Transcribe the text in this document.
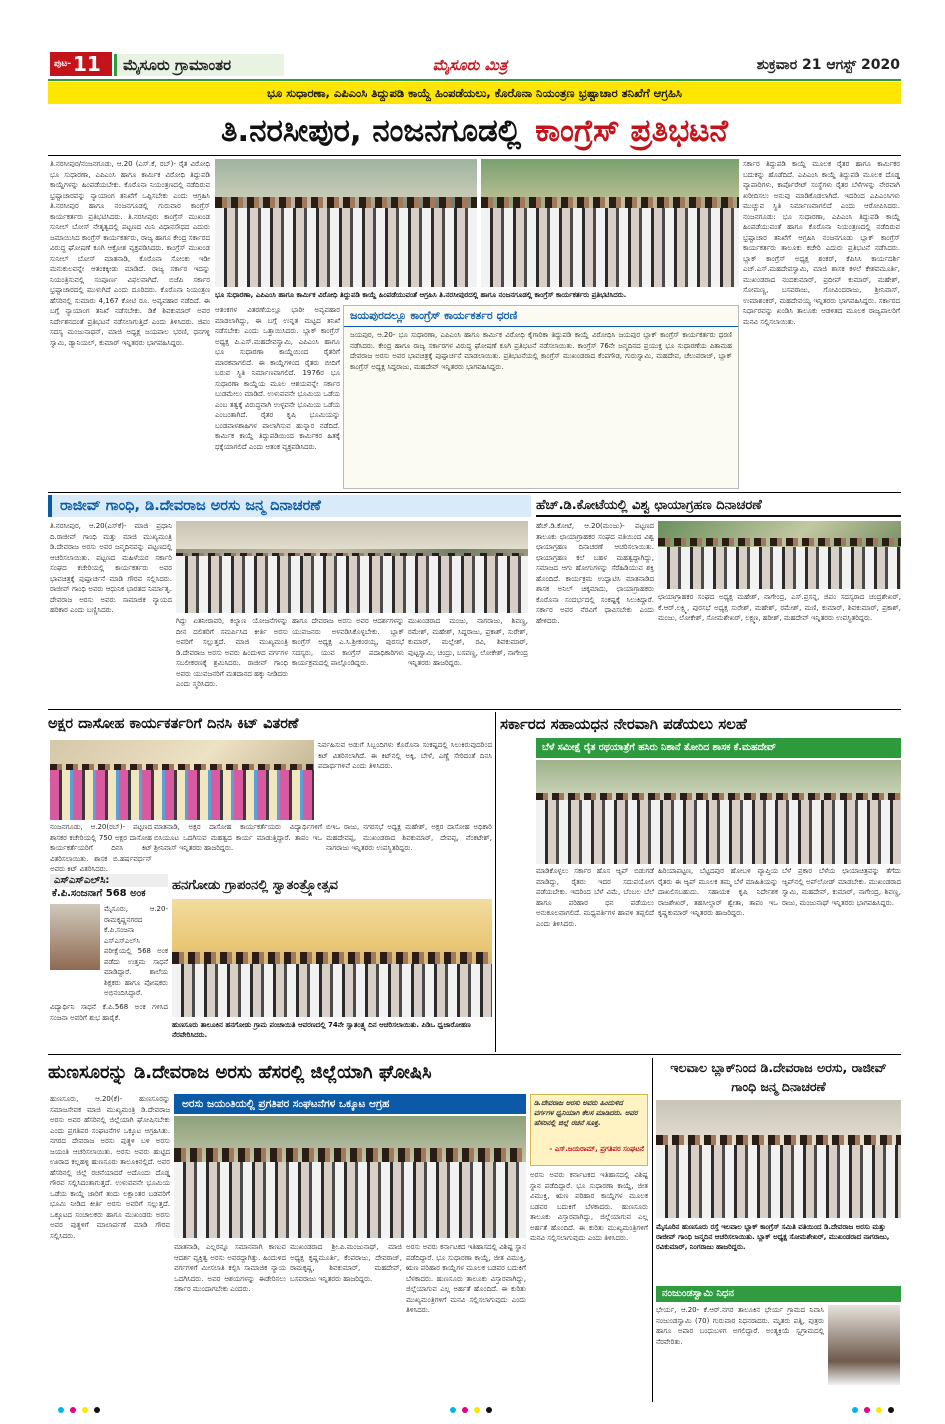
ಪುಟ- 11	ಮೈಸೂರು ಗ್ರಾಮಾಂತರ	ಮೈಸೂರು ಮಿತ್ರ	ಶುಕ್ರವಾರ 21 ಆಗಸ್ಟ್ 2020
ಭೂ ಸುಧಾರಣಾ, ಎಪಿಎಂಸಿ ತಿದ್ದುಪಡಿ ಕಾಯ್ದೆ ಹಿಂಪಡೆಯಲು, ಕೊರೊನಾ ನಿಯಂತ್ರಣ ಭ್ರಷ್ಟಾಚಾರ ತನಿಖೆಗೆ ಆಗ್ರಹಿಸಿ
ತಿ.ನರಸೀಪುರ, ನಂಜನಗೂಡಲ್ಲಿ ಕಾಂಗ್ರೆಸ್ ಪ್ರತಿಭಟನೆ
ತಿ.ನರಸೀಪುರ/ನಂಜನಗೂಡು, ಆ.20 (ಎಸ್.ಕೆ, ರಬ್)- ರೈತ ವಿರೋಧಿ ಭೂ ಸುಧಾರಣಾ, ಎಪಿಎಂಸಿ ಹಾಗೂ ಕಾರ್ಮಿಕ ವಿರೋಧಿ ತಿದ್ದುಪಡಿ ಕಾಯ್ದೆಗಳನ್ನು ಹಿಂಪಡೆಯಬೇಕು. ಕೊರೊನಾ ನಿಯಂತ್ರಣದಲ್ಲಿ ನಡೆದಿರುವ ಭ್ರಷ್ಟಾಚಾರವನ್ನು ನ್ಯಾಯಾಂಗ ತನಿಖೆಗೆ ಒಪ್ಪಿಸಬೇಕು ಎಂದು ಆಗ್ರಹಿಸಿ ತಿ.ನರಸೀಪುರ ಹಾಗೂ ನಂಜನಗೂಡಲ್ಲಿ ಗುರುವಾರ ಕಾಂಗ್ರೆಸ್ ಕಾರ್ಯಕರ್ತರು ಪ್ರತಿಭಟಿಸಿದರು. ತಿ.ನರಸೀಪುರ: ಕಾಂಗ್ರೆಸ್ ಮುಖಂಡ ಸುನೀಲ್ ಬೋಸ್ ನೇತೃತ್ವದಲ್ಲಿ ಪಟ್ಟಣದ ಮಿನಿ ವಿಧಾನಸೌಧದ ಎದುರು ಜಮಾಯಿಸಿದ ಕಾಂಗ್ರೆಸ್ ಕಾರ್ಯಕರ್ತರು, ರಾಜ್ಯ ಹಾಗೂ ಕೇಂದ್ರ ಸರ್ಕಾರದ ವಿರುದ್ಧ ಘೋಷಣೆ ಕೂಗಿ ಆಕ್ರೋಶ ವ್ಯಕ್ತಪಡಿಸಿದರು. ಕಾಂಗ್ರೆಸ್ ಮುಖಂಡ ಸುನೀಲ್ ಬೋಸ್ ಮಾತನಾಡಿ, ಕೊರೊನಾ ಸೋಂಕು ಇಡೀ ಮನುಕುಲವನ್ನೇ ಆತಂಕಕ್ಕೀಡು ಮಾಡಿದೆ. ರಾಜ್ಯ ಸರ್ಕಾರ ಇದನ್ನು ನಿಯಂತ್ರಿಸುವಲ್ಲಿ ಸಂಪೂರ್ಣ ವಿಫಲವಾಗಿದೆ. ಬಿಜೆಪಿ ಸರ್ಕಾರ ಭ್ರಷ್ಟಾಚಾರದಲ್ಲಿ ಮುಳುಗಿದೆ ಎಂದು ದೂರಿದರು. ಕೊರೊನಾ ನಿಯಂತ್ರಣ ಹೆಸರಿನಲ್ಲಿ ಸುಮಾರು 4,167 ಕೋಟಿ ರೂ. ಅವ್ಯವಹಾರ ನಡೆದಿದೆ. ಈ ಬಗ್ಗೆ ನ್ಯಾಯಾಂಗ ತನಿಖೆ ನಡೆಸಬೇಕು. ಡಿಕೆ ಶಿವಕುಮಾರ್ ಅವರ ನಿರ್ದೇಶನದಂತೆ ಪ್ರತಿಭಟನೆ ನಡೆಸಲಾಗುತ್ತಿದೆ ಎಂದು ತಿಳಿಸಿದರು. ಜಿಪಂ ಸದಸ್ಯ ಮಂಜುನಾಥನ್, ಮಾಜಿ ಅಧ್ಯಕ್ಷ ಜಯಪಾಲ ಭರಣಿ, ಧನಗಳ್ಳಿ ಸ್ವಾಮಿ, ಡ್ಯಾನಿಯಲ್, ಕುಮಾರ್ ಇನ್ನಿತರರು ಭಾಗವಹಿಸಿದ್ದರು.
ಭೂ ಸುಧಾರಣಾ, ಎಪಿಎಂಸಿ ಹಾಗೂ ಕಾರ್ಮಿಕ ವಿರೋಧಿ ತಿದ್ದುಪಡಿ ಕಾಯ್ದೆ ಹಿಂಪಡೆಯುವಂತೆ ಆಗ್ರಹಿಸಿ ತಿ.ನರಸೀಪುರದಲ್ಲಿ ಹಾಗೂ ನಂಜನಗೂಡಲ್ಲಿ ಕಾಂಗ್ರೆಸ್ ಕಾರ್ಯಕರ್ತರು ಪ್ರತಿಭಟಿಸಿದರು.
ಆತಂಕಗಳ ವಿತರಣೆಯಲ್ಲೂ ಭಾರೀ ಅವ್ಯವಹಾರ ಮಾಡಲಾಗಿದ್ದು, ಈ ಬಗ್ಗೆ ಉನ್ನತ ಮಟ್ಟದ ತನಿಖೆ ನಡೆಸಬೇಕು ಎಂದು ಒತ್ತಾಯಿಸಿದರು. ಬ್ಲಾಕ್ ಕಾಂಗ್ರೆಸ್ ಅಧ್ಯಕ್ಷ ಪಿ.ಎಸ್.ಮಹದೇವಸ್ವಾಮಿ, ಎಪಿಎಂಸಿ ಹಾಗೂ ಭೂ ಸುಧಾರಣಾ ಕಾಯ್ದೆಯಿಂದ ರೈತರಿಗೆ ಮಾರಕವಾಗಲಿದೆ. ಈ ಕಾಯ್ದೆಗಳಿಂದ ರೈತರು ಬೀದಿಗೆ ಬರುವ ಸ್ಥಿತಿ ನಿರ್ಮಾಣವಾಗಲಿದೆ. 1976ರ ಭೂ ಸುಧಾರಣಾ ಕಾಯ್ದೆಯ ಮೂಲ ಆಶಯವನ್ನೇ ಸರ್ಕಾರ ಬುಡಮೇಲು ಮಾಡಿದೆ. ಉಳುವವನೇ ಭೂಮಿಯ ಒಡೆಯ ಎಂಬ ತತ್ವಕ್ಕೆ ವಿರುದ್ಧವಾಗಿ ಉಳ್ಳವನೇ ಭೂಮಿಯ ಒಡೆಯ ಎಂಬಂತಾಗಿದೆ. ರೈತರ ಕೃಷಿ ಭೂಮಿಯನ್ನು ಬಂಡವಾಳಶಾಹಿಗಳ ಪಾಲಾಗಿಸುವ ಹುನ್ನಾರ ನಡೆದಿದೆ. ಕಾರ್ಮಿಕ ಕಾಯ್ದೆ ತಿದ್ದುಪಡಿಯಿಂದ ಕಾರ್ಮಿಕರ ಹಿತಕ್ಕೆ ಧಕ್ಕೆಯಾಗಲಿದೆ ಎಂದು ಆತಂಕ ವ್ಯಕ್ತಪಡಿಸಿದರು.
ಜಯಪುರದಲ್ಲೂ ಕಾಂಗ್ರೆಸ್ ಕಾರ್ಯಕರ್ತರ ಧರಣಿ
ಜಯಪುರ, ಆ.20- ಭೂ ಸುಧಾರಣಾ, ಎಪಿಎಂಸಿ ಹಾಗೂ ಕಾರ್ಮಿಕ ವಿರೋಧಿ ಕೈಗಾರಿಕಾ ತಿದ್ದುಪಡಿ ಕಾಯ್ದೆ ವಿರೋಧಿಸಿ ಜಯಪುರ ಬ್ಲಾಕ್ ಕಾಂಗ್ರೆಸ್ ಕಾರ್ಯಕರ್ತರು ಧರಣಿ ನಡೆಸಿದರು. ಕೇಂದ್ರ ಹಾಗೂ ರಾಜ್ಯ ಸರ್ಕಾರಗಳ ವಿರುದ್ಧ ಘೋಷಣೆ ಕೂಗಿ ಪ್ರತಿಭಟನೆ ನಡೆಸಲಾಯಿತು. ಕಾಂಗ್ರೆಸ್ 76ನೇ ಜನ್ಮದಿನದ ಪ್ರಯುಕ್ತ ಭೂ ಸುಧಾರಣೆಯ ಪಿತಾಮಹ ದೇವರಾಜ ಅರಸು ಅವರ ಭಾವಚಿತ್ರಕ್ಕೆ ಪುಷ್ಪಾರ್ಚನೆ ಮಾಡಲಾಯಿತು. ಪ್ರತಿಭಟನೆಯಲ್ಲಿ ಕಾಂಗ್ರೆಸ್ ಮುಖಂಡರಾದ ಕೆಂಪಗೌಡ, ಗುರುಸ್ವಾಮಿ, ಮಹದೇವ, ಚೆಲುವರಾಜ್, ಬ್ಲಾಕ್ ಕಾಂಗ್ರೆಸ್ ಅಧ್ಯಕ್ಷ ಸಿದ್ದರಾಜು, ಮಹದೇವ್ ಇನ್ನಿತರರು ಭಾಗವಹಿಸಿದ್ದರು.
ಸರ್ಕಾರ ತಿದ್ದುಪಡಿ ಕಾಯ್ದೆ ಮೂಲಕ ರೈತರ ಹಾಗೂ ಕಾರ್ಮಿಕರ ಬದುಕನ್ನು ಹೊಡೆದಿದೆ. ಎಪಿಎಂಸಿ ಕಾಯ್ದೆ ತಿದ್ದುಪಡಿ ಮೂಲಕ ದೊಡ್ಡ ವ್ಯಾಪಾರಿಗಳು, ಕಾರ್ಪೊರೇಟ್ ಸಂಸ್ಥೆಗಳು ರೈತರ ಬೆಳೆಗಳನ್ನು ನೇರವಾಗಿ ಖರೀದಿಸಲು ಅನುವು ಮಾಡಿಕೊಡಲಾಗಿದೆ. ಇದರಿಂದ ಎಪಿಎಂಸಿಗಳು ಮುಚ್ಚುವ ಸ್ಥಿತಿ ನಿರ್ಮಾಣವಾಗಲಿದೆ ಎಂದು ಆರೋಪಿಸಿದರು. ನಂಜನಗೂಡು: ಭೂ ಸುಧಾರಣಾ, ಎಪಿಎಂಸಿ ತಿದ್ದುಪಡಿ ಕಾಯ್ದೆ ಹಿಂಪಡೆಯುವಂತೆ ಹಾಗೂ ಕೊರೊನಾ ನಿಯಂತ್ರಣದಲ್ಲಿ ನಡೆದಿರುವ ಭ್ರಷ್ಟಾಚಾರ ತನಿಖೆಗೆ ಆಗ್ರಹಿಸಿ ನಂಜನಗೂಡು ಬ್ಲಾಕ್ ಕಾಂಗ್ರೆಸ್ ಕಾರ್ಯಕರ್ತರು ತಾಲೂಕು ಕಚೇರಿ ಎದುರು ಪ್ರತಿಭಟನೆ ನಡೆಸಿದರು. ಬ್ಲಾಕ್ ಕಾಂಗ್ರೆಸ್ ಅಧ್ಯಕ್ಷ ಶಂಕರ್, ಕೆಪಿಸಿಸಿ ಕಾರ್ಯದರ್ಶಿ ಎಚ್.ಎಸ್.ಮಹದೇವಸ್ವಾಮಿ, ಮಾಜಿ ಶಾಸಕ ಕಳಲೆ ಕೇಶವಮೂರ್ತಿ, ಮುಖಂಡರಾದ ನಂದಕುಮಾರ್, ಪ್ರದೀಪ್ ಕುಮಾರ್, ಮಹೇಶ್, ಸೋಮಣ್ಣ, ಬಸವರಾಜು, ಗೋವಿಂದರಾಜು, ಶ್ರೀನಿವಾಸ್, ಉಮಾಶಂಕರ್, ಮಹದೇವಯ್ಯ ಇನ್ನಿತರರು ಭಾಗವಹಿಸಿದ್ದರು. ಸರ್ಕಾರದ ನಿರ್ಧಾರವನ್ನು ಖಂಡಿಸಿ ತಾಲೂಕು ಆಡಳಿತದ ಮೂಲಕ ರಾಜ್ಯಪಾಲರಿಗೆ ಮನವಿ ಸಲ್ಲಿಸಲಾಯಿತು.
ರಾಜೀವ್ ಗಾಂಧಿ, ಡಿ.ದೇವರಾಜ ಅರಸು ಜನ್ಮ ದಿನಾಚರಣೆ
ತಿ.ನರಸೀಪುರ, ಆ.20(ಎಸ್‌ಕೆ)- ಮಾಜಿ ಪ್ರಧಾನಿ ದಿ.ರಾಜೀವ್ ಗಾಂಧಿ ಮತ್ತು ಮಾಜಿ ಮುಖ್ಯಮಂತ್ರಿ ಡಿ.ದೇವರಾಜ ಅರಸು ಅವರ ಜನ್ಮದಿನವನ್ನು ಪಟ್ಟಣದಲ್ಲಿ ಆಚರಿಸಲಾಯಿತು. ಪಟ್ಟಣದ ಮಹಿಳೆಯರ ಸರ್ಕಾರಿ ಸಂಘದ ಕಚೇರಿಯಲ್ಲಿ ಕಾರ್ಯಕರ್ತರು ಅವರ ಭಾವಚಿತ್ರಕ್ಕೆ ಪುಷ್ಪಾರ್ಚನೆ ಮಾಡಿ ಗೌರವ ಸಲ್ಲಿಸಿದರು. ರಾಜೀವ್ ಗಾಂಧಿ ಅವರು ಆಧುನಿಕ ಭಾರತದ ನಿರ್ಮಾತೃ. ದೇವರಾಜ ಅರಸು ಅವರು ಸಾಮಾಜಿಕ ನ್ಯಾಯದ ಹರಿಕಾರ ಎಂದು ಬಣ್ಣಿಸಿದರು.
ಗಿದ್ದು ಏತನೀರಾವರಿ, ಕಲ್ಯಾಣ ಯೋಜನೆಗಳನ್ನು ದೀನ ದಲಿತರಿಗೆ ಸಮರ್ಪಿಸಿದ ಕೀರ್ತಿ ಅರಸು ಅವರಿಗೆ ಸಲ್ಲುತ್ತದೆ. ಮಾಜಿ ಮುಖ್ಯಮಂತ್ರಿ ಡಿ.ದೇವರಾಜ ಅರಸು ಅವರು ಹಿಂದುಳಿದ ವರ್ಗಗಳ ಸಬಲೀಕರಣಕ್ಕೆ ಶ್ರಮಿಸಿದರು. ರಾಜೀವ್ ಗಾಂಧಿ ಅವರು ಯುವಜನರಿಗೆ ಮತದಾನದ ಹಕ್ಕು ನೀಡಿದರು ಎಂದು ಸ್ಮರಿಸಿದರು.
ಹಾಗೂ ದೇವರಾಜ ಅರಸು ಅವರ ಆದರ್ಶಗಳನ್ನು ಯುವಜನರು ಅಳವಡಿಸಿಕೊಳ್ಳಬೇಕು. ಬ್ಲಾಕ್ ಕಾಂಗ್ರೆಸ್ ಅಧ್ಯಕ್ಷ ಎ.ಸಿ.ಶ್ರೀಕಂಠಯ್ಯ, ಪುರಸಭೆ ಸದಸ್ಯರು, ಯುವ ಕಾಂಗ್ರೆಸ್ ಪದಾಧಿಕಾರಿಗಳು ಕಾರ್ಯಕ್ರಮದಲ್ಲಿ ಪಾಲ್ಗೊಂಡಿದ್ದರು.
ಮುಖಂಡರಾದ ಮಂಜು, ನಾಗರಾಜು, ಶಿವಣ್ಣ, ರಮೇಶ್, ಮಹೇಶ್, ಸಿದ್ದರಾಜು, ಪ್ರಕಾಶ್, ಸುರೇಶ್, ಕುಮಾರ್, ಮಲ್ಲೇಶ್, ರವಿ, ಶಿವಕುಮಾರ್, ಪುಟ್ಟಸ್ವಾಮಿ, ಚಂದ್ರು, ಬಸವಣ್ಣ, ಲೋಕೇಶ್, ನಾಗೇಂದ್ರ ಇನ್ನಿತರರು ಹಾಜರಿದ್ದರು.
ಹೆಚ್.ಡಿ.ಕೋಟೆಯಲ್ಲಿ ವಿಶ್ವ ಛಾಯಾಗ್ರಹಣ ದಿನಾಚರಣೆ
ಹೆಚ್.ಡಿ.ಕೋಟೆ, ಆ.20(ಮಂಜು)- ಪಟ್ಟಣದ ತಾಲೂಕು ಛಾಯಾಗ್ರಾಹಕರ ಸಂಘದ ವತಿಯಿಂದ ವಿಶ್ವ ಛಾಯಾಗ್ರಹಣ ದಿನಾಚರಣೆ ಆಚರಿಸಲಾಯಿತು. ಛಾಯಾಗ್ರಹಣ ಕಲೆ ಬಹಳ ಮಹತ್ವದ್ದಾಗಿದ್ದು, ಸಮಾಜದ ಆಗು ಹೋಗುಗಳನ್ನು ಸೆರೆಹಿಡಿಯುವ ಶಕ್ತಿ ಹೊಂದಿದೆ. ಕಾರ್ಯಕ್ರಮ ಉದ್ಘಾಟಿಸಿ ಮಾತನಾಡಿದ ಶಾಸಕ ಅನಿಲ್ ಚಿಕ್ಕಮಾದು, ಛಾಯಾಗ್ರಾಹಕರು ಕೊರೊನಾ ಸಂದರ್ಭದಲ್ಲಿ ಸಂಕಷ್ಟಕ್ಕೆ ಸಿಲುಕಿದ್ದಾರೆ. ಸರ್ಕಾರ ಅವರ ನೆರವಿಗೆ ಧಾವಿಸಬೇಕು ಎಂದು ಹೇಳಿದರು.
ಛಾಯಾಗ್ರಾಹಕರ ಸಂಘದ ಅಧ್ಯಕ್ಷ ಮಹೇಶ್, ನಾಗೇಂದ್ರ, ಎಸ್.ಪ್ರಸನ್ನ, ಜಿಪಂ ಸದಸ್ಯರಾದ ಚಂದ್ರಶೇಖರ್, ಕೆ.ಆರ್.ಲಕ್ಷ್ಮಿ, ಪುರಸಭೆ ಅಧ್ಯಕ್ಷ ಸುರೇಶ್, ಮಹೇಶ್, ರಮೇಶ್, ಮಣಿ, ಕುಮಾರ್, ಶಿವಕುಮಾರ್, ಪ್ರಕಾಶ್, ಮಂಜು, ಲೋಕೇಶ್, ಸೋಮಶೇಖರ್, ಲಕ್ಷ್ಮಣ, ಹರೀಶ್, ಮಹದೇವ್ ಇನ್ನಿತರರು ಉಪಸ್ಥಿತರಿದ್ದರು.
ಅಕ್ಷರ ದಾಸೋಹ ಕಾರ್ಯಕರ್ತರಿಗೆ ದಿನಸಿ ಕಿಟ್ ವಿತರಣೆ
ನಿರ್ವಹಿಸುವ ಅಡುಗೆ ಸಿಬ್ಬಂದಿಗಳು ಕೊರೊನಾ ಸಂಕಷ್ಟದಲ್ಲಿ ಸಿಲುಕಿರುವುದರಿಂದ ಕಿಟ್ ವಿತರಿಸಲಾಗಿದೆ. ಈ ಕಿಟ್‌ನಲ್ಲಿ ಅಕ್ಕಿ, ಬೇಳೆ, ಎಣ್ಣೆ ಸೇರಿದಂತೆ ದಿನಸಿ ಪದಾರ್ಥಗಳಿವೆ ಎಂದು ತಿಳಿಸಿದರು.
ನಂಜನಗೂಡು, ಆ.20(ರಬ್)- ಪಟ್ಟಣದ ಶಾಸಕರ ಕಚೇರಿಯಲ್ಲಿ 750 ಅಕ್ಷರ ದಾಸೋಹ ಕಾರ್ಯಕರ್ತೆಯರಿಗೆ ದಿನಸಿ ಕಿಟ್ ವಿತರಿಸಲಾಯಿತು. ಶಾಸಕ ಬಿ.ಹರ್ಷವರ್ಧನ್ ಅವರು ಕಿಟ್ ವಿತರಿಸಿದರು.
ಮಾತನಾಡಿ, ಅಕ್ಷರ ದಾಸೋಹ ಕಾರ್ಯಕರ್ತೆಯರು ವಿದ್ಯಾರ್ಥಿಗಳಿಗೆ ಬಿಸಿಯೂಟ ಒದಗಿಸುವ ಮಹತ್ವದ ಕಾರ್ಯ ಮಾಡುತ್ತಿದ್ದಾರೆ. ತಾಪಂ ಇಒ ಶ್ರೀನಿವಾಸ್ ಇನ್ನಿತರರು ಹಾಜರಿದ್ದರು.
ಬಿಇಒ ರಾಜು, ನಗರಸಭೆ ಅಧ್ಯಕ್ಷ ಮಹೇಶ್, ಅಕ್ಷರ ದಾಸೋಹ ಅಧಿಕಾರಿ ಮಹದೇವಪ್ಪ, ಮುಖಂಡರಾದ ಶಿವಕುಮಾರ್, ದೇವಪ್ಪ, ವೆಂಕಟೇಶ್, ನಾಗರಾಜು ಇನ್ನಿತರರು ಉಪಸ್ಥಿತರಿದ್ದರು.
ಎಸ್‌ಎಸ್‌ಎಲ್‌ಸಿ:
ಕೆ.ಪಿ.ಸಂಜನಾಗೆ 568 ಅಂಕ
ಮೈಸೂರು, ಆ.20- ರಾಮಕೃಷ್ಣನಗರದ ಕೆ.ಪಿ.ಸಂಜನಾ ಎಸ್‌ಎಸ್‌ಎಲ್‌ಸಿ ಪರೀಕ್ಷೆಯಲ್ಲಿ 568 ಅಂಕ ಪಡೆದು ಉತ್ತಮ ಸಾಧನೆ ಮಾಡಿದ್ದಾರೆ. ಶಾಲೆಯ ಶಿಕ್ಷಕರು ಹಾಗೂ ಪೋಷಕರು ಅಭಿನಂದಿಸಿದ್ದಾರೆ.
ವಿದ್ಯಾರ್ಥಿನಿ ಸಾಧನೆ ಕೆ.ಪಿ.568 ಅಂಕ ಗಳಿಸಿದ ಸಂಜನಾ ಅವರಿಗೆ ಶುಭ ಹಾರೈಕೆ.
ಹನಗೋಡು ಗ್ರಾಪಂನಲ್ಲಿ ಸ್ವಾತಂತ್ರ್ಯೋತ್ಸವ
ಹುಣಸೂರು ತಾಲೂಕಿನ ಹನಗೋಡು ಗ್ರಾಮ ಪಂಚಾಯಿತಿ ಆವರಣದಲ್ಲಿ 74ನೇ ಸ್ವಾತಂತ್ರ್ಯ ದಿನ ಆಚರಿಸಲಾಯಿತು. ಪಿಡಿಒ ಧ್ವಜಾರೋಹಣ ನೆರವೇರಿಸಿದರು.
ಸರ್ಕಾರದ ಸಹಾಯಧನ ನೇರವಾಗಿ ಪಡೆಯಲು ಸಲಹೆ
ಬೆಳೆ ಸಮೀಕ್ಷೆ ರೈತ ರಥಯಾತ್ರೆಗೆ ಹಸಿರು ನಿಶಾನೆ ತೋರಿದ ಶಾಸಕ ಕೆ.ಮಹದೇವ್
ಮಾಡಿಕೊಳ್ಳಲು ಸರ್ಕಾರ ಹೊಸ ಆ್ಯಪ್ ಬಿಡುಗಡೆ ಮಾಡಿದ್ದು, ರೈತರು ಇದರ ಸದುಪಯೋಗ ಪಡೆಯಬೇಕು. ಇದರಿಂದ ಬೆಳೆ ವಿಮೆ, ಬೆಂಬಲ ಬೆಲೆ ಹಾಗೂ ಪರಿಹಾರ ಧನ ಪಡೆಯಲು ಅನುಕೂಲವಾಗಲಿದೆ. ಮಧ್ಯವರ್ತಿಗಳ ಹಾವಳಿ ತಪ್ಪಲಿದೆ ಎಂದು ತಿಳಿಸಿದರು.
ಹಿರಿಯಾಪಟ್ಟಣ, ಬೆಟ್ಟದಪುರ ಹೋಬಳಿ ವ್ಯಾಪ್ತಿಯ ರೈತರು ಈ ಆ್ಯಪ್ ಮೂಲಕ ತಮ್ಮ ಬೆಳೆ ಮಾಹಿತಿಯನ್ನು ದಾಖಲಿಸಬಹುದು. ಸಹಾಯಕ ಕೃಷಿ ನಿರ್ದೇಶಕ ರಾಜಶೇಖರ್, ತಹಸೀಲ್ದಾರ್ ಶ್ವೇತಾ, ತಾಪಂ ಇಒ ಕೃಷ್ಣಕುಮಾರ್ ಇನ್ನಿತರರು ಹಾಜರಿದ್ದರು.
ಬೆಳೆ ಪ್ರಕಾರ ಬೆಳೆಯ ಛಾಯಾಚಿತ್ರವನ್ನು ತೆಗೆದು ಆ್ಯಪ್‌ನಲ್ಲಿ ಅಪ್‌ಲೋಡ್ ಮಾಡಬೇಕು. ಮುಖಂಡರಾದ ಸ್ವಾಮಿ, ಮಹದೇವ್, ಕುಮಾರ್, ನಾಗೇಂದ್ರ, ಶಿವಣ್ಣ, ರಾಜು, ಮಂಜುನಾಥ್ ಇನ್ನಿತರರು ಭಾಗವಹಿಸಿದ್ದರು.
ಹುಣಸೂರನ್ನು ಡಿ.ದೇವರಾಜ ಅರಸು ಹೆಸರಲ್ಲಿ ಜಿಲ್ಲೆಯಾಗಿ ಘೋಷಿಸಿ
ಹುಣಸೂರು, ಆ.20(ಕೆ)- ಹುಣಸೂರನ್ನು ಸಮಾಜಸೇವಕ ಮಾಜಿ ಮುಖ್ಯಮಂತ್ರಿ ಡಿ.ದೇವರಾಜ ಅರಸು ಅವರ ಹೆಸರಿನಲ್ಲಿ ಜಿಲ್ಲೆಯಾಗಿ ಘೋಷಿಸಬೇಕು ಎಂದು ಪ್ರಗತಿಪರ ಸಂಘಟನೆಗಳ ಒಕ್ಕೂಟ ಆಗ್ರಹಿಸಿತು. ನಗರದ ದೇವರಾಜ ಅರಸು ಪುತ್ಥಳಿ ಬಳಿ ಅರಸು ಜಯಂತಿ ಆಚರಿಸಲಾಯಿತು. ಅರಸು ಅವರು ಹುಟ್ಟಿದ ಊರಾದ ಕಲ್ಲಹಳ್ಳಿ ಹುಣಸೂರು ತಾಲೂಕಿನಲ್ಲಿದೆ. ಅವರ ಹೆಸರಿನಲ್ಲಿ ಜಿಲ್ಲೆ ರಚನೆಯಾದರೆ ಅದೊಂದು ದೊಡ್ಡ ಗೌರವ ಸಲ್ಲಿಸಿದಂತಾಗುತ್ತದೆ. ಉಳುವವನೇ ಭೂಮಿಯ ಒಡೆಯ ಕಾಯ್ದೆ ಜಾರಿಗೆ ತಂದು ಲಕ್ಷಾಂತರ ಬಡವರಿಗೆ ಭೂಮಿ ನೀಡಿದ ಕೀರ್ತಿ ಅರಸು ಅವರಿಗೆ ಸಲ್ಲುತ್ತದೆ. ಒಕ್ಕೂಟದ ಸಂಚಾಲಕರು ಹಾಗೂ ಮುಖಂಡರು ಅರಸು ಅವರ ಪುತ್ಥಳಿಗೆ ಮಾಲಾರ್ಪಣೆ ಮಾಡಿ ಗೌರವ ಸಲ್ಲಿಸಿದರು.
ಅರಸು ಜಯಂತಿಯಲ್ಲಿ ಪ್ರಗತಿಪರ ಸಂಘಟನೆಗಳ ಒಕ್ಕೂಟ ಆಗ್ರಹ
ಮಾತನಾಡಿ, ಎಲ್ಲರನ್ನೂ ಸಮಾನವಾಗಿ ಕಾಣುವ ಆದರ್ಶ ವ್ಯಕ್ತಿತ್ವ ಅರಸು ಅವರದ್ದಾಗಿತ್ತು. ಹಿಂದುಳಿದ ವರ್ಗಗಳಿಗೆ ಮೀಸಲಾತಿ ಕಲ್ಪಿಸಿ ಸಾಮಾಜಿಕ ನ್ಯಾಯ ಒದಗಿಸಿದರು. ಅವರ ಆಶಯಗಳನ್ನು ಈಡೇರಿಸಲು ಸರ್ಕಾರ ಮುಂದಾಗಬೇಕು ಎಂದರು.
ಮುಖಂಡರಾದ ಶ್ರೀ.ಪಿ.ಮಂಜುನಾಥ್, ಮಾಜಿ ಅಧ್ಯಕ್ಷ ಕೃಷ್ಣಮೂರ್ತಿ, ಕೆಂಪರಾಜು, ದೇವರಾಜ್, ರಾಮಕೃಷ್ಣ, ಶಿವಕುಮಾರ್, ಮಹದೇವ್, ಬಸವರಾಜು ಇನ್ನಿತರರು ಹಾಜರಿದ್ದರು.
ಡಿ.ದೇವರಾಜ ಅರಸು ಅವರು ಹಿಂದುಳಿದ ವರ್ಗಗಳ ಧ್ವನಿಯಾಗಿ ಕೆಲಸ ಮಾಡಿದರು. ಅವರ ಹೆಸರಿನಲ್ಲಿ ಜಿಲ್ಲೆ ರಚನೆ ಸೂಕ್ತ.
- ಎಸ್.ಜಯರಾಮ್, ಪ್ರಗತಿಪರ ಸಂಘಟನೆ
ಅರಸು ಅವರು ಕರ್ನಾಟಕದ ಇತಿಹಾಸದಲ್ಲಿ ವಿಶಿಷ್ಟ ಸ್ಥಾನ ಪಡೆದಿದ್ದಾರೆ. ಭೂ ಸುಧಾರಣಾ ಕಾಯ್ದೆ, ಜೀತ ವಿಮುಕ್ತಿ, ಋಣ ಪರಿಹಾರ ಕಾಯ್ದೆಗಳ ಮೂಲಕ ಬಡವರ ಬದುಕಿಗೆ ಬೆಳಕಾದರು. ಹುಣಸೂರು ತಾಲೂಕು ವಿಸ್ತಾರವಾಗಿದ್ದು, ಜಿಲ್ಲೆಯಾಗುವ ಎಲ್ಲ ಅರ್ಹತೆ ಹೊಂದಿದೆ. ಈ ಕುರಿತು ಮುಖ್ಯಮಂತ್ರಿಗಳಿಗೆ ಮನವಿ ಸಲ್ಲಿಸಲಾಗುವುದು ಎಂದು ತಿಳಿಸಿದರು.
ಅರಸು ಅವರು ಕರ್ನಾಟಕದ ಇತಿಹಾಸದಲ್ಲಿ ವಿಶಿಷ್ಟ ಸ್ಥಾನ ಪಡೆದಿದ್ದಾರೆ. ಭೂ ಸುಧಾರಣಾ ಕಾಯ್ದೆ, ಜೀತ ವಿಮುಕ್ತಿ, ಋಣ ಪರಿಹಾರ ಕಾಯ್ದೆಗಳ ಮೂಲಕ ಬಡವರ ಬದುಕಿಗೆ ಬೆಳಕಾದರು. ಹುಣಸೂರು ತಾಲೂಕು ವಿಸ್ತಾರವಾಗಿದ್ದು, ಜಿಲ್ಲೆಯಾಗುವ ಎಲ್ಲ ಅರ್ಹತೆ ಹೊಂದಿದೆ. ಈ ಕುರಿತು ಮುಖ್ಯಮಂತ್ರಿಗಳಿಗೆ ಮನವಿ ಸಲ್ಲಿಸಲಾಗುವುದು ಎಂದು ತಿಳಿಸಿದರು.
ಇಲವಾಲ ಬ್ಲಾಕ್‌ನಿಂದ ಡಿ.ದೇವರಾಜ ಅರಸು, ರಾಜೀವ್ ಗಾಂಧಿ ಜನ್ಮ ದಿನಾಚರಣೆ
ಮೈಸೂರಿನ ಹುಣಸೂರು ರಸ್ತೆ ಇಲವಾಲ ಬ್ಲಾಕ್ ಕಾಂಗ್ರೆಸ್ ಸಮಿತಿ ವತಿಯಿಂದ ಡಿ.ದೇವರಾಜ ಅರಸು ಮತ್ತು ರಾಜೀವ್ ಗಾಂಧಿ ಜನ್ಮದಿನ ಆಚರಿಸಲಾಯಿತು. ಬ್ಲಾಕ್ ಅಧ್ಯಕ್ಷ ಸೋಮಶೇಖರ್, ಮುಖಂಡರಾದ ನಾಗರಾಜು, ರವಿಕುಮಾರ್, ನಿಂಗರಾಜು ಹಾಜರಿದ್ದರು.
ನಂಜುಂಡಸ್ವಾಮಿ ನಿಧನ
ಭೇರ್ಯ, ಆ.20- ಕೆ.ಆರ್.ನಗರ ತಾಲೂಕಿನ ಭೇರ್ಯ ಗ್ರಾಮದ ನಿವಾಸಿ ನಂಜುಂಡಸ್ವಾಮಿ (70) ಗುರುವಾರ ನಿಧನರಾದರು. ಮೃತರು ಪತ್ನಿ, ಪುತ್ರರು ಹಾಗೂ ಅಪಾರ ಬಂಧುಬಳಗ ಅಗಲಿದ್ದಾರೆ. ಅಂತ್ಯಕ್ರಿಯೆ ಸ್ವಗ್ರಾಮದಲ್ಲಿ ನೆರವೇರಿತು.
